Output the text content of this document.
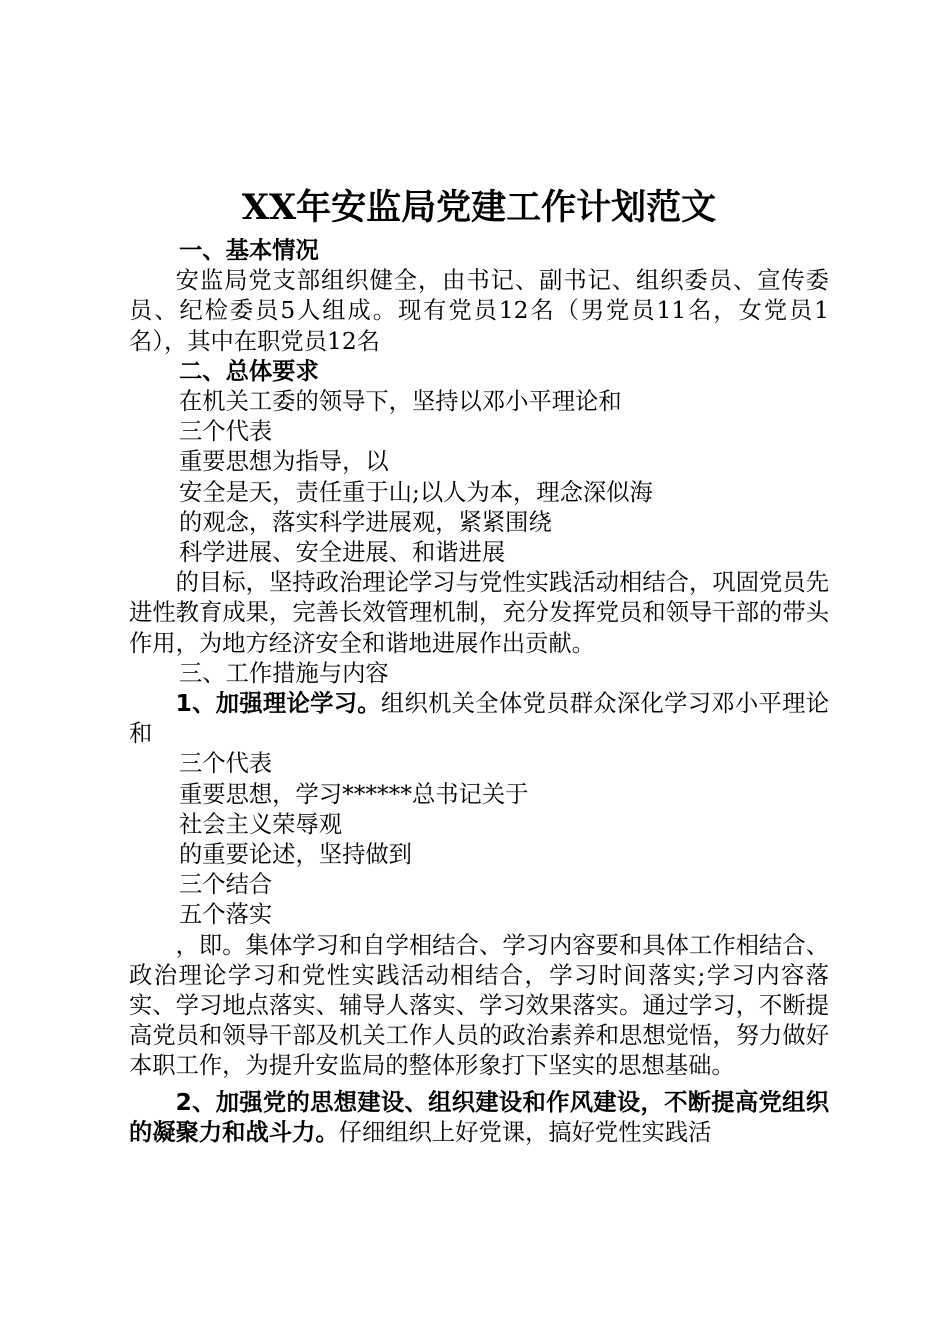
XX年安监局党建工作计划范文

一、基本情况

安监局党支部组织健全，由书记、副书记、组织委员、宣传委员、纪检委员5人组成。现有党员12名（男党员11名，女党员1名），其中在职党员12名

二、总体要求

在机关工委的领导下，坚持以邓小平理论和

三个代表

重要思想为指导，以

安全是天，责任重于山;以人为本，理念深似海

的观念，落实科学进展观，紧紧围绕

科学进展、安全进展、和谐进展

的目标，坚持政治理论学习与党性实践活动相结合，巩固党员先进性教育成果，完善长效管理机制，充分发挥党员和领导干部的带头作用，为地方经济安全和谐地进展作出贡献。

三、工作措施与内容

1、加强理论学习。组织机关全体党员群众深化学习邓小平理论和

三个代表

重要思想，学习******总书记关于

社会主义荣辱观

的重要论述，坚持做到

三个结合

五个落实

，即。集体学习和自学相结合、学习内容要和具体工作相结合、政治理论学习和党性实践活动相结合，学习时间落实;学习内容落实、学习地点落实、辅导人落实、学习效果落实。通过学习，不断提高党员和领导干部及机关工作人员的政治素养和思想觉悟，努力做好本职工作，为提升安监局的整体形象打下坚实的思想基础。

2、加强党的思想建设、组织建设和作风建设，不断提高党组织的凝聚力和战斗力。仔细组织上好党课，搞好党性实践活
